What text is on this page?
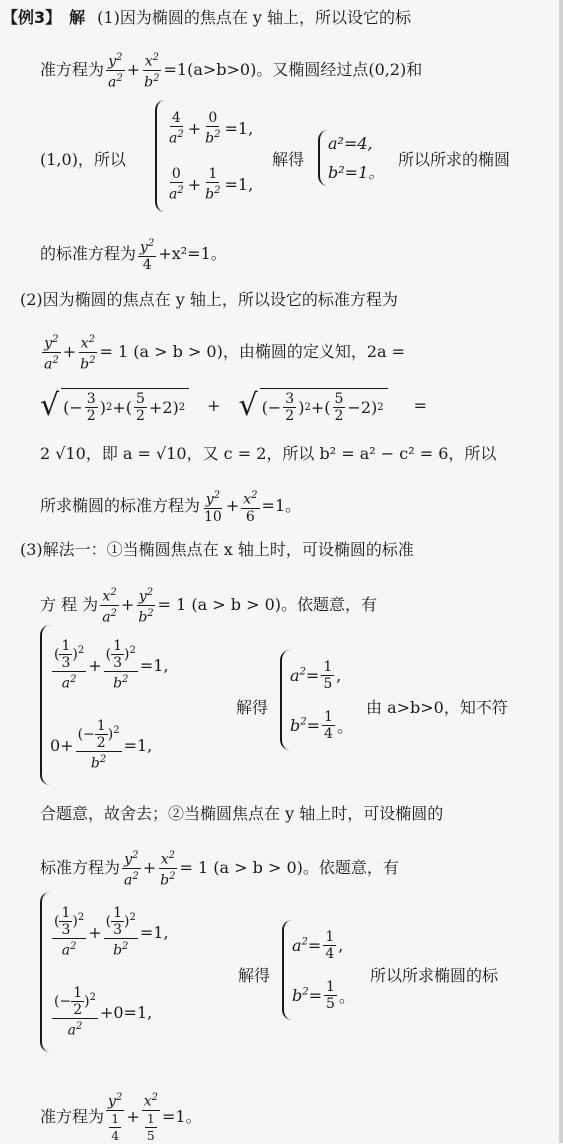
【例3】 解 (1)因为椭圆的焦点在 y 轴上，所以设它的标
准方程为 $\frac{y^2}{a^2} + \frac{x^2}{b^2} =1(a>b>0)$。又椭圆经过点(0,2)和
(1,0)，所以
$\frac{4}{a^2} + \frac{0}{b^2} =1$,
$\frac{0}{a^2} + \frac{1}{b^2} =1$,
解得
a²=4,
b²=1。
所以所求的椭圆
的标准方程为 $\frac{y^2}{4} +x^2=1$。
(2)因为椭圆的焦点在 y 轴上，所以设它的标准方程为
$\frac{y^2}{a^2} + \frac{x^2}{b^2} = 1$ (a > b > 0)，由椭圆的定义知，2a =
√ (− $\frac{3}{2}$ ) 2 +( $\frac{5}{2} +2$) 2 + √ (− $\frac{3}{2}$ ) 2 +( $\frac{5}{2} -2$) 2 =
2 √10，即 a = √10，又 c = 2，所以 b² = a² − c² = 6，所以
所求椭圆的标准方程为 $\frac{y^2}{10} + \frac{x^2}{6} =1$。
(3)解法一：①当椭圆焦点在 x 轴上时，可设椭圆的标准
方 程 为 $\frac{x^2}{a^2} + \frac{y^2}{b^2} = 1$ (a > b > 0)。依题意，有
$\frac{( \frac{1}{3} )^2}{a^2} + \frac{( \frac{1}{3} )^2}{b^2} =1$,
$0+ \frac{(- \frac{1}{2} )^2}{b^2} =1$,
解得
$a^2 = \frac{1}{5}$ ,
$b^2 = \frac{1}{4}$ 。
由 a>b>0，知不符
合题意，故舍去；②当椭圆焦点在 y 轴上时，可设椭圆的
标准方程为 $\frac{y^2}{a^2} + \frac{x^2}{b^2} = 1$ (a > b > 0)。依题意，有
$\frac{( \frac{1}{3} )^2}{a^2} + \frac{( \frac{1}{3} )^2}{b^2} =1$,
$\frac{(- \frac{1}{2} )^2}{a^2} +0=1$,
解得
$a^2 = \frac{1}{4}$ ,
$b^2 = \frac{1}{5}$ 。
所以所求椭圆的标
准方程为 $\frac{y^2}{\frac{1}{4}} + \frac{x^2}{\frac{1}{5}} =1$。
